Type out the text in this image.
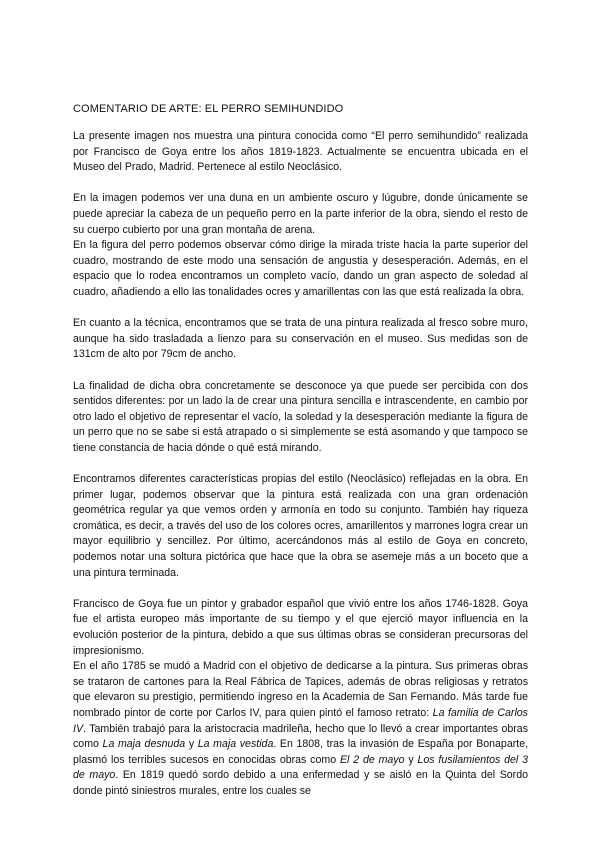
COMENTARIO DE ARTE: EL PERRO SEMIHUNDIDO

La presente imagen nos muestra una pintura conocida como “El perro semihundido” realizada por Francisco de Goya entre los años 1819-1823. Actualmente se encuentra ubicada en el Museo del Prado, Madrid. Pertenece al estilo Neoclásico.

En la imagen podemos ver una duna en un ambiente oscuro y lúgubre, donde únicamente se puede apreciar la cabeza de un pequeño perro en la parte inferior de la obra, siendo el resto de su cuerpo cubierto por una gran montaña de arena.

En la figura del perro podemos observar cómo dirige la mirada triste hacia la parte superior del cuadro, mostrando de este modo una sensación de angustia y desesperación. Además, en el espacio que lo rodea encontramos un completo vacío, dando un gran aspecto de soledad al cuadro, añadiendo a ello las tonalidades ocres y amarillentas con las que está realizada la obra.

En cuanto a la técnica, encontramos que se trata de una pintura realizada al fresco sobre muro, aunque ha sido trasladada a lienzo para su conservación en el museo. Sus medidas son de 131cm de alto por 79cm de ancho.

La finalidad de dicha obra concretamente se desconoce ya que puede ser percibida con dos sentidos diferentes: por un lado la de crear una pintura sencilla e intrascendente, en cambio por otro lado el objetivo de representar el vacío, la soledad y la desesperación mediante la figura de un perro que no se sabe si está atrapado o si simplemente se está asomando y que tampoco se tiene constancia de hacia dónde o qué está mirando.

Encontramos diferentes características propias del estilo (Neoclásico) reflejadas en la obra. En primer lugar, podemos observar que la pintura está realizada con una gran ordenación geométrica regular ya que vemos orden y armonía en todo su conjunto. También hay riqueza cromática, es decir, a través del uso de los colores ocres, amarillentos y marrones logra crear un mayor equilibrio y sencillez. Por último, acercándonos más al estilo de Goya en concreto, podemos notar una soltura pictórica que hace que la obra se asemeje más a un boceto que a una pintura terminada.

Francisco de Goya fue un pintor y grabador español que vivió entre los años 1746-1828. Goya fue el artista europeo más importante de su tiempo y el que ejerció mayor influencia en la evolución posterior de la pintura, debido a que sus últimas obras se consideran precursoras del impresionismo.

En el año 1785 se mudó a Madrid con el objetivo de dedicarse a la pintura. Sus primeras obras se trataron de cartones para la Real Fábrica de Tapices, además de obras religiosas y retratos que elevaron su prestigio, permitiendo ingreso en la Academia de San Fernando. Más tarde fue nombrado pintor de corte por Carlos IV, para quien pintó el famoso retrato: La familia de Carlos IV. También trabajó para la aristocracia madrileña, hecho que lo llevó a crear importantes obras como La maja desnuda y La maja vestida. En 1808, tras la invasión de España por Bonaparte, plasmó los terribles sucesos en conocidas obras como El 2 de mayo y Los fusilamientos del 3 de mayo. En 1819 quedó sordo debido a una enfermedad y se aisló en la Quinta del Sordo donde pintó siniestros murales, entre los cuales se
